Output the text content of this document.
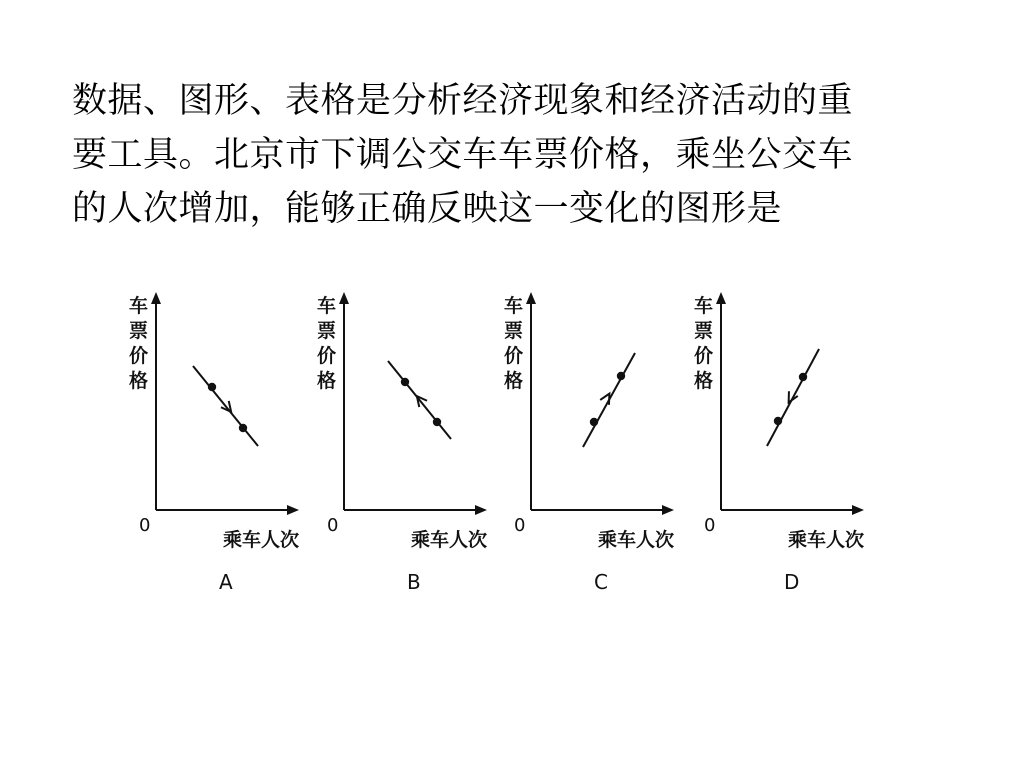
数据、图形、表格是分析经济现象和经济活动的重
要工具。北京市下调公交车车票价格，乘坐公交车
的人次增加，能够正确反映这一变化的图形是
车
票
价
格
0
乘车人次
A
车
票
价
格
0
乘车人次
B
车
票
价
格
0
乘车人次
C
车
票
价
格
0
乘车人次
D
